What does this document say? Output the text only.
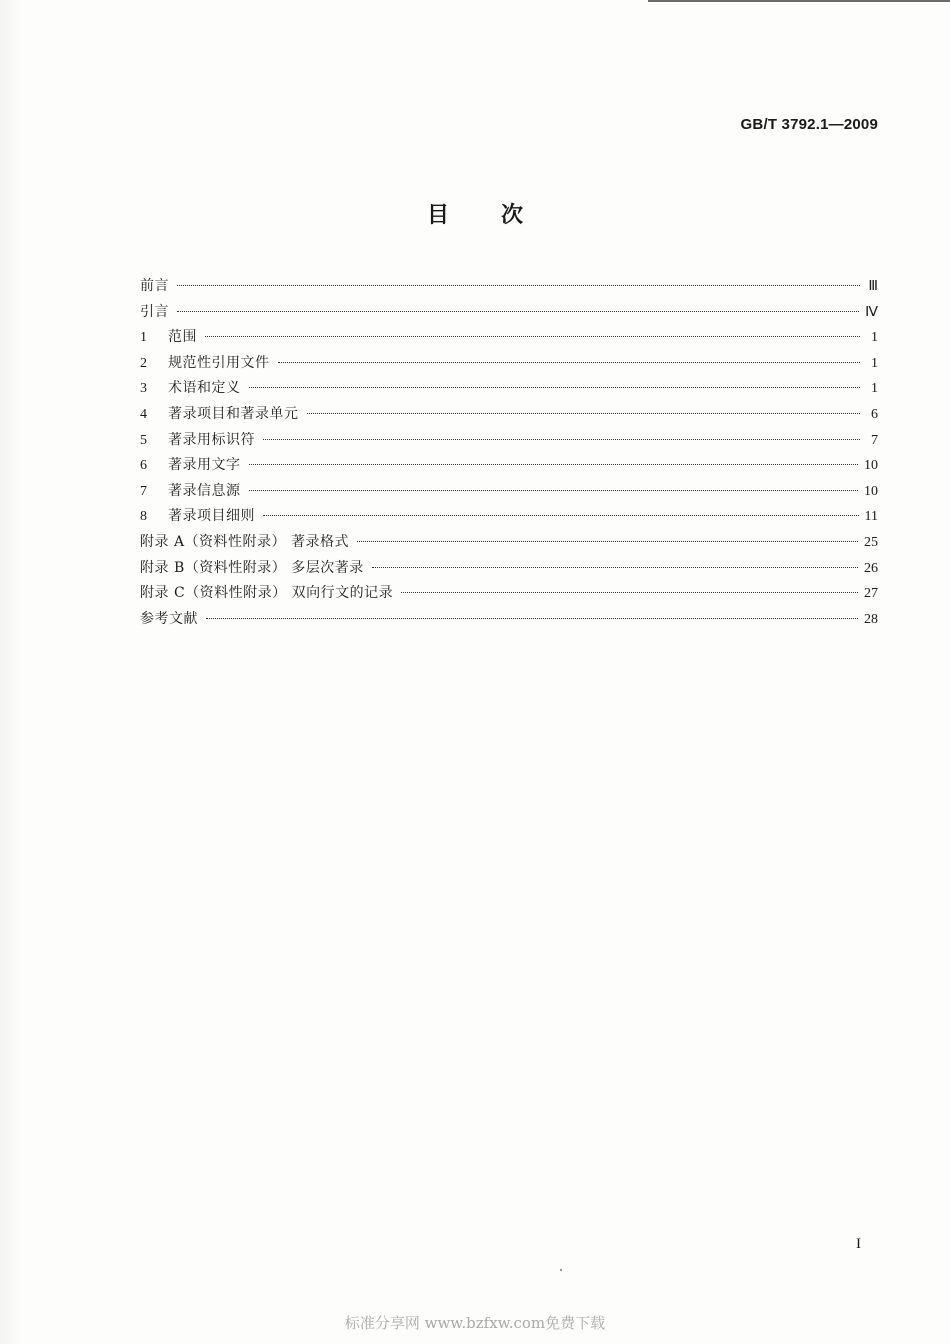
GB/T 3792.1—2009
目次
前言	Ⅲ
引言	Ⅳ
1	范围	1
2	规范性引用文件	1
3	术语和定义	1
4	著录项目和著录单元	6
5	著录用标识符	7
6	著录用文字	10
7	著录信息源	10
8	著录项目细则	11
附录 A（资料性附录） 著录格式	25
附录 B（资料性附录） 多层次著录	26
附录 C（资料性附录） 双向行文的记录	27
参考文献	28
I
标准分享网 www.bzfxw.com免费下载
